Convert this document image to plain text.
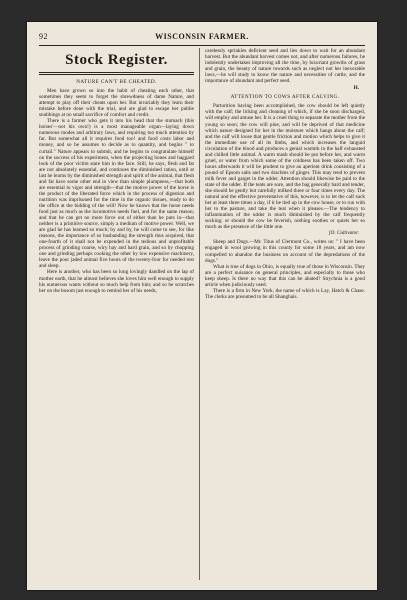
92	WISCONSIN FARMER.
Stock Register.
NATURE CAN'T BE CHEATED.

Men have grown so into the habit of cheating each other, that sometimes they seem to forget the shrewdness of dame Nature, and attempt to play off their cheats upon her. But invariably they learn their mistake before done with the trial, and are glad to escape her publie snubbings at no small sacrifice of comfort and credit.

There is a farmer who gets it into his head that the stomach (this horses'—not his own!) is a most manageable organ—laying down numerous modes and arbitrary laws, and requiring too much attention by far. But somewhat all it requires food too! and food costs labor and money, and so he assumes to decide as to quantity, and begins " to curtail." Nature appears to submit, and he begins to congratulate himself on the success of his experiment, when the projecting bones and haggard look of the poor victim stare him in the face. Still, he says, flesh and fat are not absolutely essential, and continues the diminished ration, until at last he learns by the diminished strength and spirit of the animal, that flesh and fat have some other end in view than simple plumpness,—that both are essential to vigor and strength—that the motive power of the horse is the product of the liberated force which in the process of digestion and nutrition was imprisoned for the time in the organic tissues, ready to do the office at the bidding of the will! Now he knows that the horse needs food just as much as the locomotive needs fuel, and for the same reason; and that he can get no more force out of either than he puts in—that neither is a primitive source, simply a medium of motive power. Well, we are glad he has learned so much; by and by, he will come to see, for like reasons, the importance of so husbanding the strength thus acquired, that one-fourth of it shall not be expended in the tedious and unprofitable process of grinding coarse, wiry hay and hard grain, and so by chopping one and grinding perhaps cooking the other by low expensive machinery, leave the poor jaded animal five hours of the twenty-four for needed rest and sleep.

Here is another, who has been so long lovingly dandled on the lap of mother earth, that he almost believes she loves him well enough to supply his numerous wants without so much help from him; and so he scratches her on the bosom just enough to remind her of his needs,

carelessly sprinkles deficient seed and lies down to wait for an abundant harvest. But the abundant harvest comes not, and after numerous failures, he indolently undertakes improving all the time, by luxuriant growths of grass and grain, the beauty of nature towards such as neglect not her inexorable laws,—he will study to know the nature and necessities of cattle, and the importance of abundant and perfect seed.

H.
ATTENTION TO COWS AFTER CALVING.

Parturition having been accomplished, the cow should be left quietly with the calf; the licking and cleaning of which, if she be soon discharged, will employ and amuse her. It is a cruel thing to separate the mother from the young so soon; the cow will pine, and will be deprived of that medicine which nature designed for her in the moisture which hangs about the calf; and the calf will loose that gentle friction and motion which helps to give it the immediate use of all its limbs, and which increases the languid circulation of the blood and produces a genial warmth in the half exhausted and chilled little animal. A warm mash should be put before her, and warm gruel, or water from which some of the coldness has been taken off. Two hours afterwards it will be prudent to give an aperient drink consisting of a pound of Epsom salts and two drachms of ginger. This may tend to prevent milk fever and garget in the udder. Attention should likewise be paid to the state of the udder. If the teats are sore, and the bag generally hard and tender, she should be gently but carefully milked three or four times every day. The natural and the effective preventative of this, however, is to let the calf suck her at least three times a day, if it be tied up in the cow house, or to run with her to the pasture, and take the teat when it pleases.—The tendency to inflammation of the udder is much diminished by the calf frequently sucking; or should the cow be feverish, nothing soothes or quiets her so much as the presence of the little one.

[O. Cultivator.

Sheep and Dogs.—Mr. Titus of Clermont Co., writes us: " I have been engaged in wool growing in this county for some 18 years, and am now compelled to abandon the business on account of the depredations of the dogs."

What is true of dogs in Ohio, is equally true of those in Wisconsin. They are a perfect nuisance on general principles, and especially to those who keep sheep. Is there no way that this can be abated? Strychnia is a good article when judiciously used.

There is a firm in New York, the name of which is Lay, Hatch & Chase. The clerks are presumed to be all Shanghais.
